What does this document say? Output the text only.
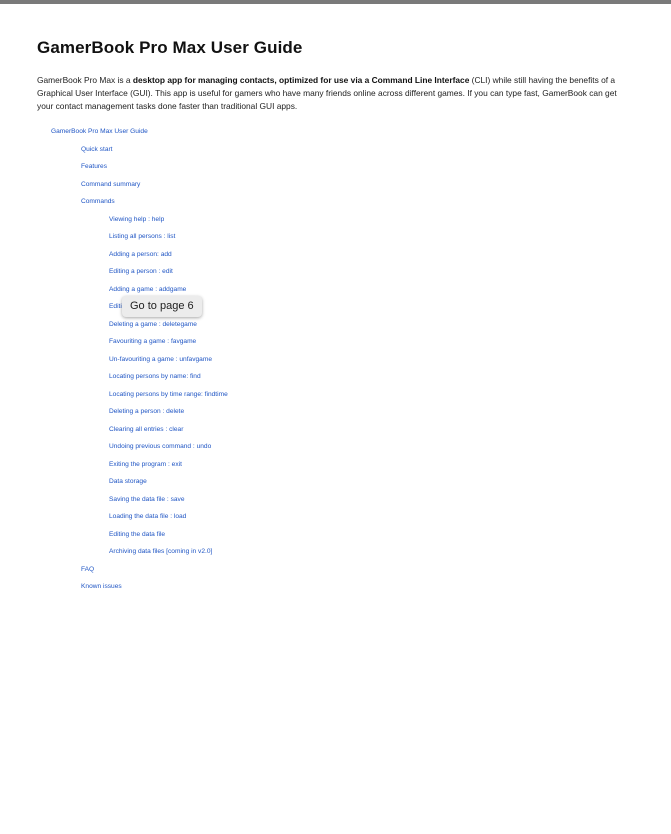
GamerBook Pro Max User Guide

GamerBook Pro Max is a desktop app for managing contacts, optimized for use via a Command Line Interface (CLI) while still having the benefits of a Graphical User Interface (GUI). This app is useful for gamers who have many friends online across different games. If you can type fast, GamerBook can get your contact management tasks done faster than traditional GUI apps.

GamerBook Pro Max User Guide
Quick start
Features
Command summary
Commands
Viewing help : help
Listing all persons : list
Adding a person: add
Editing a person : edit
Adding a game : addgame
Editi
Deleting a game : deletegame
Favouriting a game : favgame
Un-favouriting a game : unfavgame
Locating persons by name: find
Locating persons by time range: findtime
Deleting a person : delete
Clearing all entries : clear
Undoing previous command : undo
Exiting the program : exit
Data storage
Saving the data file : save
Loading the data file : load
Editing the data file
Archiving data files [coming in v2.0]
FAQ
Known issues
Go to page 6
